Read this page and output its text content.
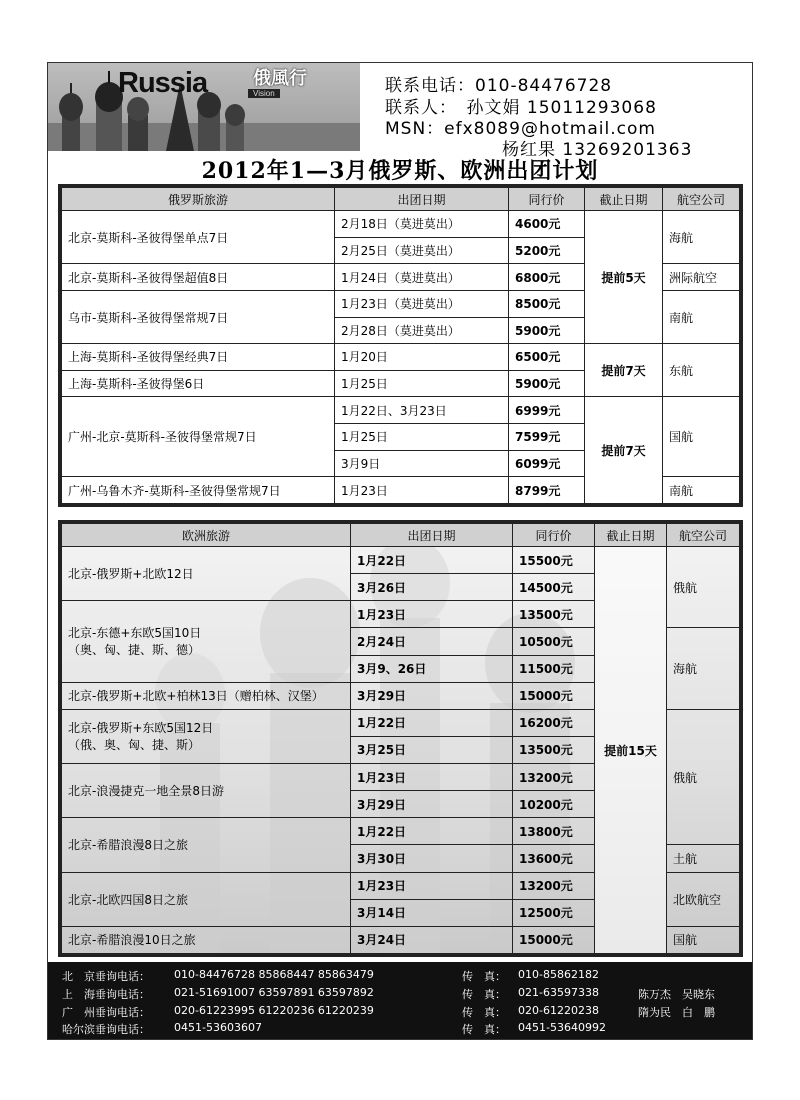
Russia	俄風行
Vision	联系电话：010-84476728
联系人：　孙文娟 15011293068
MSN：efx8089@hotmail.com
杨红果 13269201363
2012年1—3月俄罗斯、欧洲出团计划
俄罗斯旅游	出团日期	同行价	截止日期	航空公司
北京-莫斯科-圣彼得堡单点7日	2月18日（莫进莫出）	4600元	提前5天	海航
	2月25日（莫进莫出）	5200元		
北京-莫斯科-圣彼得堡超值8日	1月24日（莫进莫出）	6800元		洲际航空
乌市-莫斯科-圣彼得堡常规7日	1月23日（莫进莫出）	8500元		南航
	2月28日（莫进莫出）	5900元		
上海-莫斯科-圣彼得堡经典7日	1月20日	6500元	提前7天	东航
上海-莫斯科-圣彼得堡6日	1月25日	5900元		
广州-北京-莫斯科-圣彼得堡常规7日	1月22日、3月23日	6999元	提前7天	国航
	1月25日	7599元		
	3月9日	6099元		
广州-乌鲁木齐-莫斯科-圣彼得堡常规7日	1月23日	8799元		南航
欧洲旅游	出团日期	同行价	截止日期	航空公司
北京-俄罗斯+北欧12日	1月22日	15500元	提前15天	俄航
	3月26日	14500元		

北京-东德+东欧5国10日
（奥、匈、捷、斯、德）	1月23日	13500元		
	2月24日	10500元		海航
	3月9、26日	11500元		
北京-俄罗斯+北欧+柏林13日（赠柏林、汉堡）	3月29日	15000元		

北京-俄罗斯+东欧5国12日
（俄、奥、匈、捷、斯）	1月22日	16200元		俄航
	3月25日	13500元		
北京-浪漫捷克一地全景8日游	1月23日	13200元		
	3月29日	10200元		
北京-希腊浪漫8日之旅	1月22日	13800元		
	3月30日	13600元		土航
北京-北欧四国8日之旅	1月23日	13200元		北欧航空
	3月14日	12500元		
北京-希腊浪漫10日之旅	3月24日	15000元		国航
北　京垂询电话： 010-84476728 85868447 85863479	传　真： 010-85862182
上　海垂询电话： 021-51691007 63597891 63597892	传　真： 021-63597338	陈万杰　吴晓东
广　州垂询电话： 020-61223995 61220236 61220239	传　真： 020-61220238	隋为民　白　鹏
哈尔滨垂询电话： 0451-53603607	传　真： 0451-53640992
